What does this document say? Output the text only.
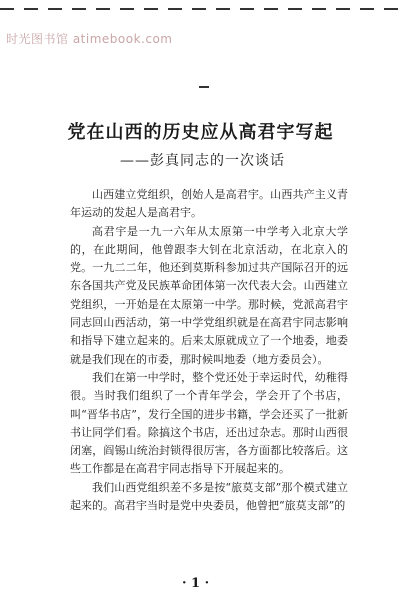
时光图书馆 atimebook.com
党在山西的历史应从高君宇写起
——彭真同志的一次谈话

山西建立党组织，创始人是高君宇。山西共产主义青年运动的发起人是高君宇。

高君宇是一九一六年从太原第一中学考入北京大学的，在此期间，他曾跟李大钊在北京活动，在北京入的党。一九二二年，他还到莫斯科参加过共产国际召开的远东各国共产党及民族革命团体第一次代表大会。山西建立党组织，一开始是在太原第一中学。那时候，党派高君宇同志回山西活动，第一中学党组织就是在高君宇同志影响和指导下建立起来的。后来太原就成立了一个地委，地委就是我们现在的市委，那时候叫地委（地方委员会）。

我们在第一中学时，整个党还处于幸运时代，幼稚得很。当时我们组织了一个青年学会，学会开了个书店，叫“晋华书店”，发行全国的进步书籍，学会还买了一批新书让同学们看。除搞这个书店，还出过杂志。那时山西很闭塞，阎锡山统治封锁得很厉害，各方面都比较落后。这些工作都是在高君宇同志指导下开展起来的。

我们山西党组织差不多是按“旅莫支部”那个模式建立起来的。高君宇当时是党中央委员，他曾把“旅莫支部”的

· 1 ·
